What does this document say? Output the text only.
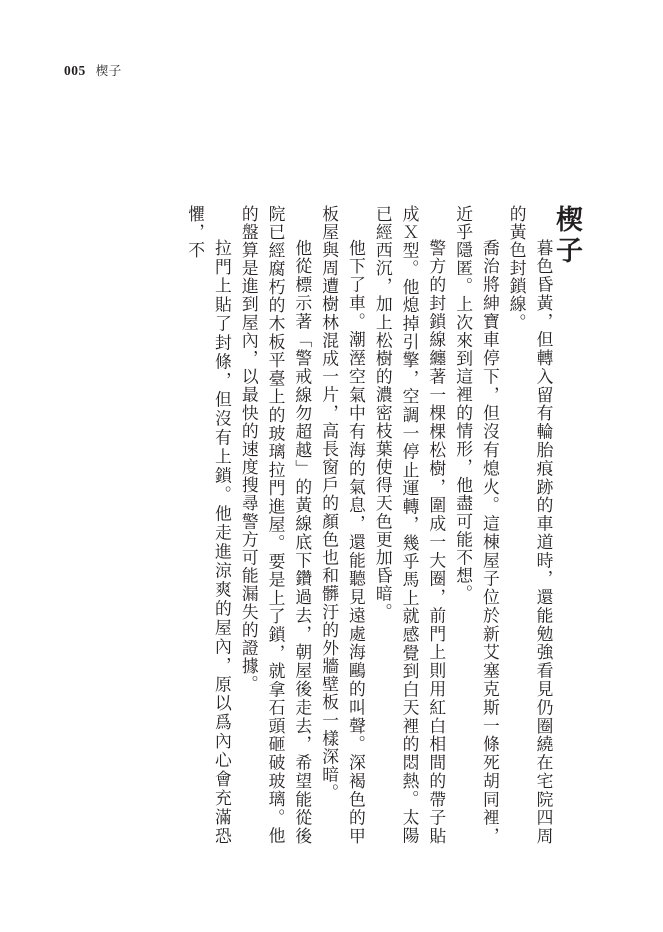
005 楔子
楔子

暮色昏黃，但轉入留有輪胎痕跡的車道時，還能勉強看見仍圈繞在宅院四周的黃色封鎖線。

喬治將紳寶車停下，但沒有熄火。這棟屋子位於新艾塞克斯一條死胡同裡，近乎隱匿。上次來到這裡的情形，他盡可能不想。

警方的封鎖線纏著一棵棵松樹，圍成一大圈，前門上則用紅白相間的帶子貼成Ｘ型。他熄掉引擎，空調一停止運轉，幾乎馬上就感覺到白天裡的悶熱。太陽已經西沉，加上松樹的濃密枝葉使得天色更加昏暗。

他下了車。潮溼空氣中有海的氣息，還能聽見遠處海鷗的叫聲。深褐色的甲板屋與周遭樹林混成一片，高長窗戶的顏色也和髒汙的外牆壁板一樣深暗。

他從標示著「警戒線勿超越」的黃線底下鑽過去，朝屋後走去，希望能從後院已經腐朽的木板平臺上的玻璃拉門進屋。要是上了鎖，就拿石頭砸破玻璃。他的盤算是進到屋內，以最快的速度搜尋警方可能漏失的證據。

拉門上貼了封條，但沒有上鎖。他走進涼爽的屋內，原以爲內心會充滿恐懼，不
